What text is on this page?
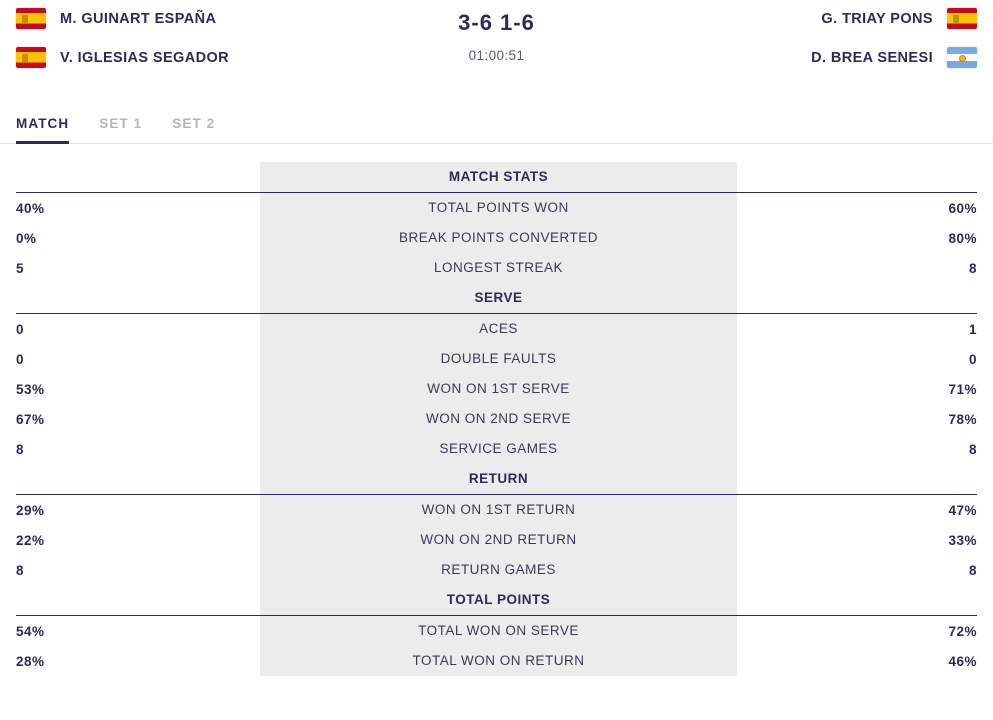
M. GUINART ESPAÑA
V. IGLESIAS SEGADOR
3-6 1-6
01:00:51
G. TRIAY PONS
D. BREA SENESI
MATCH SET 1 SET 2
MATCH STATS
40%	TOTAL POINTS WON	60%
0%	BREAK POINTS CONVERTED	80%
5	LONGEST STREAK	8
SERVE
0	ACES	1
0	DOUBLE FAULTS	0
53%	WON ON 1ST SERVE	71%
67%	WON ON 2ND SERVE	78%
8	SERVICE GAMES	8
RETURN
29%	WON ON 1ST RETURN	47%
22%	WON ON 2ND RETURN	33%
8	RETURN GAMES	8
TOTAL POINTS
54%	TOTAL WON ON SERVE	72%
28%	TOTAL WON ON RETURN	46%
